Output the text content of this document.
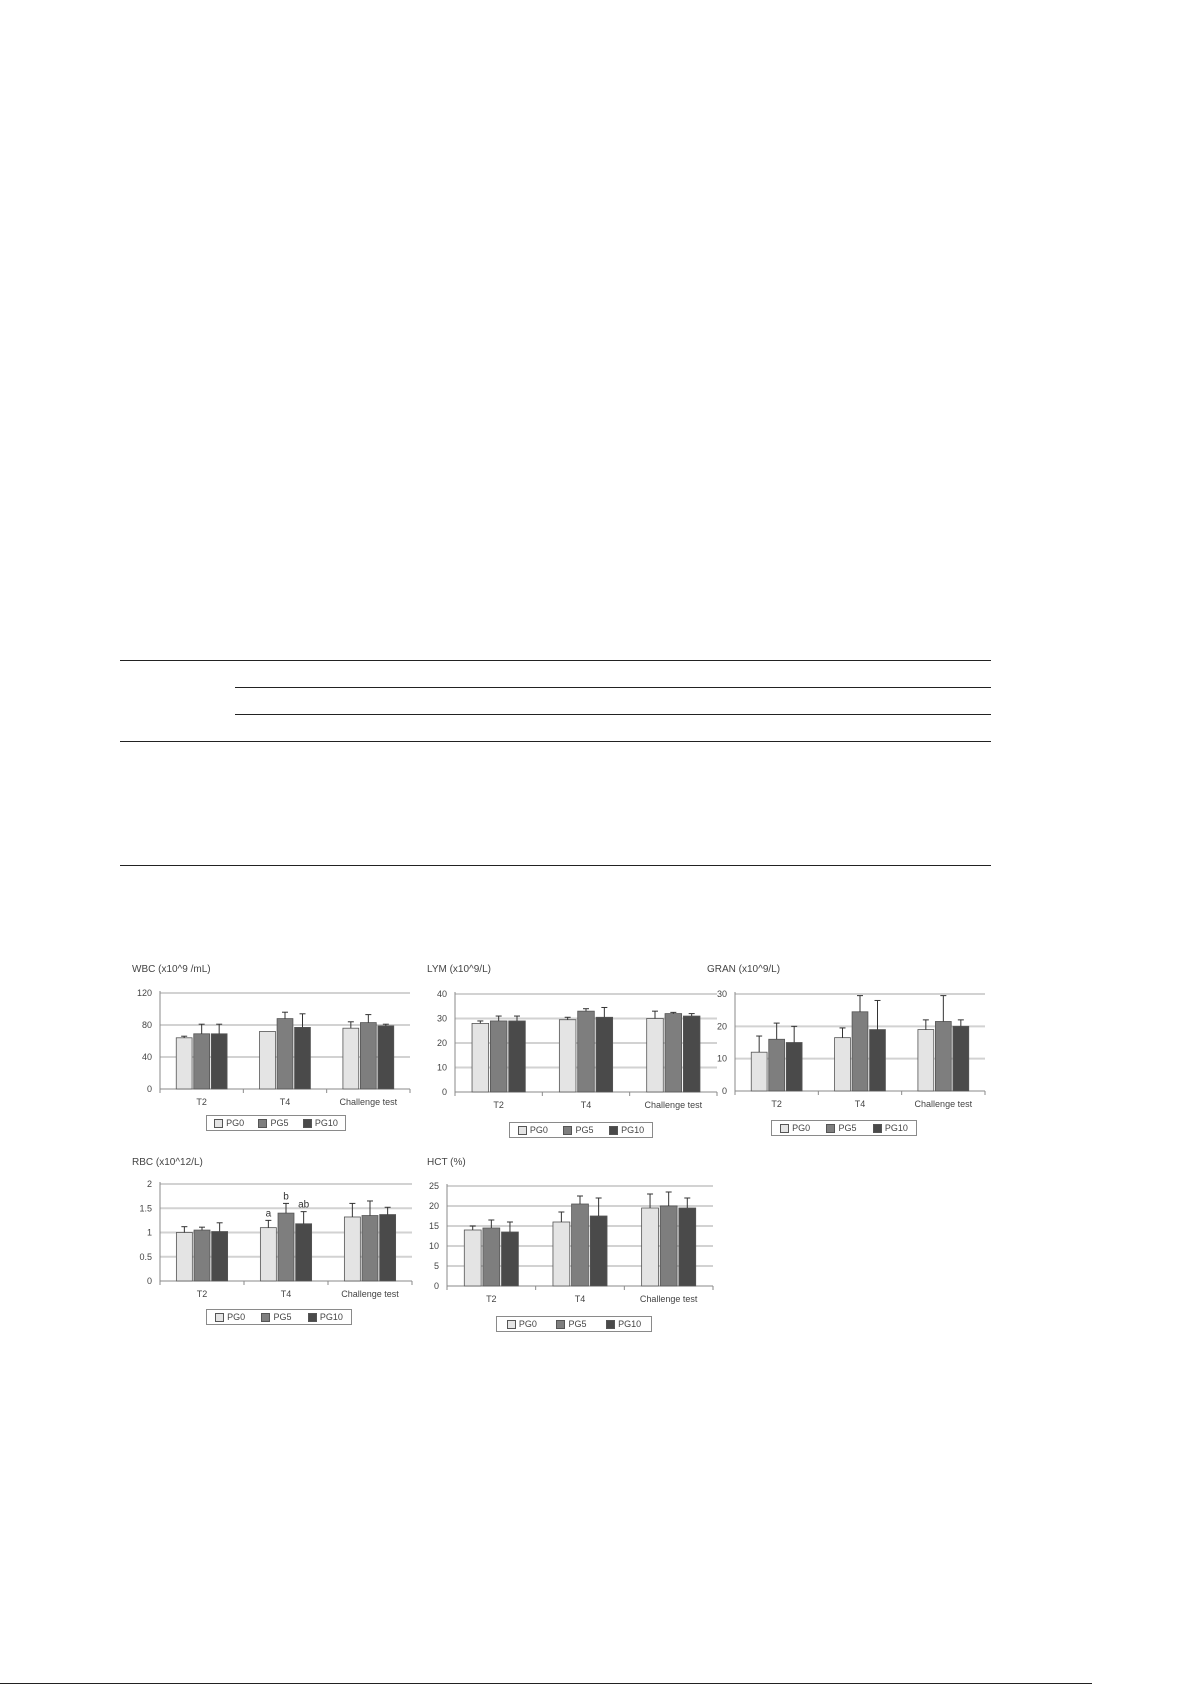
WBC (x10^9 /mL)
0
40
80
120
T2	T4	Challenge test
PG0	PG5	PG10
LYM (x10^9/L)
0
10
20
30
40
T2	T4	Challenge test
PG0	PG5	PG10
GRAN (x10^9/L)
0
10
20
30
T2	T4	Challenge test
PG0	PG5	PG10
RBC (x10^12/L)
0
0.5
1
1.5
2
T2
a
b
ab
T4	Challenge test
PG0	PG5	PG10
HCT (%)
0
5
10
15
20
25
T2	T4	Challenge test
PG0	PG5	PG10
